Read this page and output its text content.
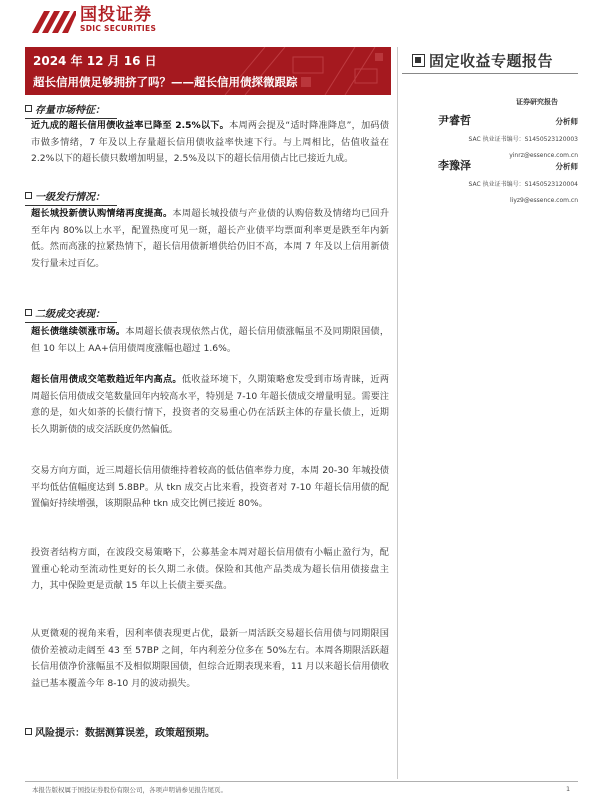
国投证券
SDIC SECURITIES
2024 年 12 月 16 日
超长信用债足够拥挤了吗？——超长信用债探微跟踪
固定收益专题报告
证券研究报告
尹睿哲	分析师
SAC 执业证书编号：S1450523120003
yinrz@essence.com.cn
李豫泽	分析师
SAC 执业证书编号：S1450523120004
liyz9@essence.com.cn
存量市场特征：
近九成的超长信用债收益率已降至 2.5%以下。本周两会提及“适时降准降息”，加码债市做多情绪，7 年及以上存量超长信用债收益率快速下行。与上周相比，估值收益在 2.2%以下的超长债只数增加明显，2.5%及以下的超长信用债占比已接近九成。
一级发行情况：
超长城投新债认购情绪再度提高。本周超长城投债与产业债的认购倍数及情绪均已回升至年内 80%以上水平，配置热度可见一斑，超长产业债平均票面利率更是跌至年内新低。然而高涨的拉紧热情下，超长信用债新增供给仍旧不高，本周 7 年及以上信用新债发行量未过百亿。
二级成交表现：
超长债继续领涨市场。本周超长债表现依然占优，超长信用债涨幅虽不及同期限国债，但 10 年以上 AA+信用债周度涨幅也超过 1.6%。
超长信用债成交笔数趋近年内高点。低收益环境下，久期策略愈发受到市场青睐，近两周超长信用债成交笔数量回年内较高水平，特别是 7-10 年超长债成交增量明显。需要注意的是，如火如荼的长债行情下，投资者的交易重心仍在活跃主体的存量长债上，近期长久期新债的成交活跃度仍然偏低。
交易方向方面，近三周超长信用债维持着较高的低估值率券力度，本周 20-30 年城投债平均低估值幅度达到 5.8BP。从 tkn 成交占比来看，投资者对 7-10 年超长信用债的配置偏好持续增强，该期限品种 tkn 成交比例已接近 80%。
投资者结构方面，在波段交易策略下，公募基金本周对超长信用债有小幅止盈行为，配置重心轮动至流动性更好的长久期二永债。保险和其他产品类成为超长信用债接盘主力，其中保险更是贡献 15 年以上长债主要买盘。
从更微观的视角来看，因利率债表现更占优，最新一周活跃交易超长信用债与同期限国债价差被动走阔至 43 至 57BP 之间，年内利差分位多在 50%左右。本周各期限活跃超长信用债净价涨幅虽不及相似期限国债，但综合近期表现来看，11 月以来超长信用债收益已基本覆盖今年 8-10 月的波动损失。
风险提示：数据测算误差，政策超预期。
本报告版权属于国投证券股份有限公司，各项声明请参见报告尾页。	1
